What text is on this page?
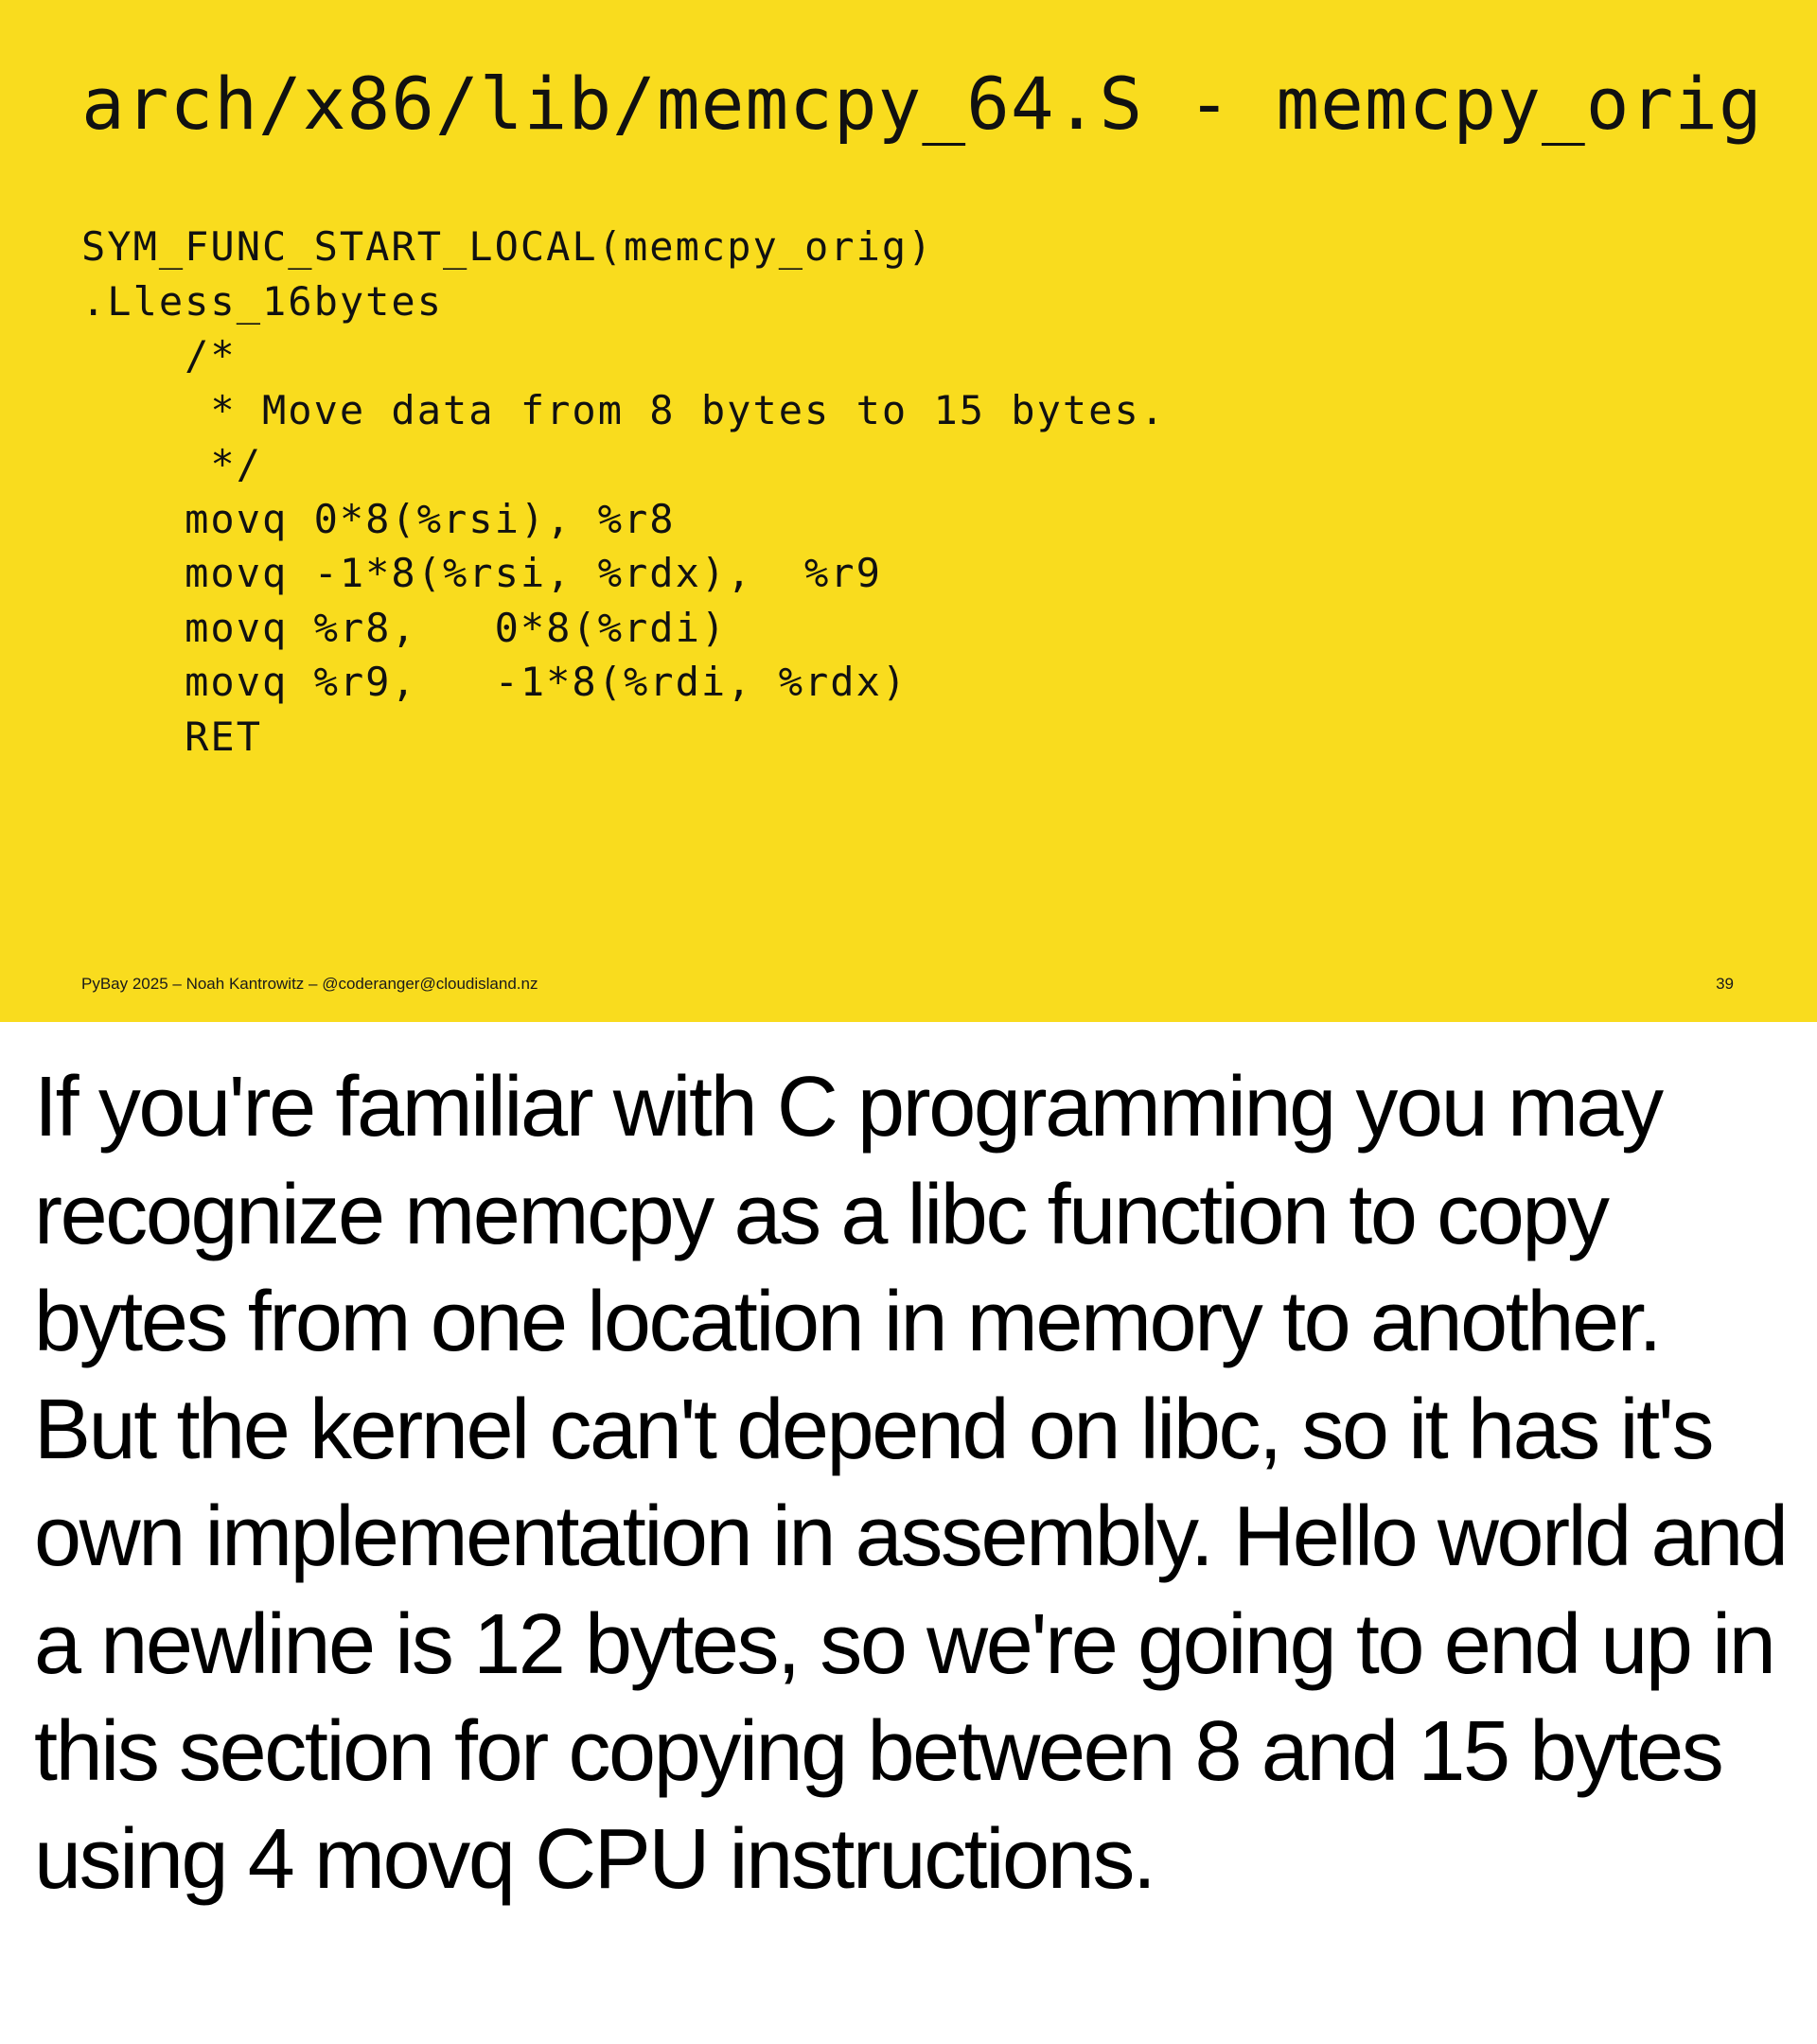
arch/x86/lib/memcpy_64.S - memcpy_orig
SYM_FUNC_START_LOCAL(memcpy_orig)
.Lless_16bytes
/*
* Move data from 8 bytes to 15 bytes.
*/
movq 0*8(%rsi), %r8
movq -1*8(%rsi, %rdx),  %r9
movq %r8,   0*8(%rdi)
movq %r9,   -1*8(%rdi, %rdx)
RET
PyBay 2025 – Noah Kantrowitz – @coderanger@cloudisland.nz	39

If you're familiar with C programming you may recognize memcpy as a libc function to copy bytes from one location in memory to another. But the kernel can't depend on libc, so it has it's own implementation in assembly. Hello world and a newline is 12 bytes, so we're going to end up in this section for copying between 8 and 15 bytes using 4 movq CPU instructions.
